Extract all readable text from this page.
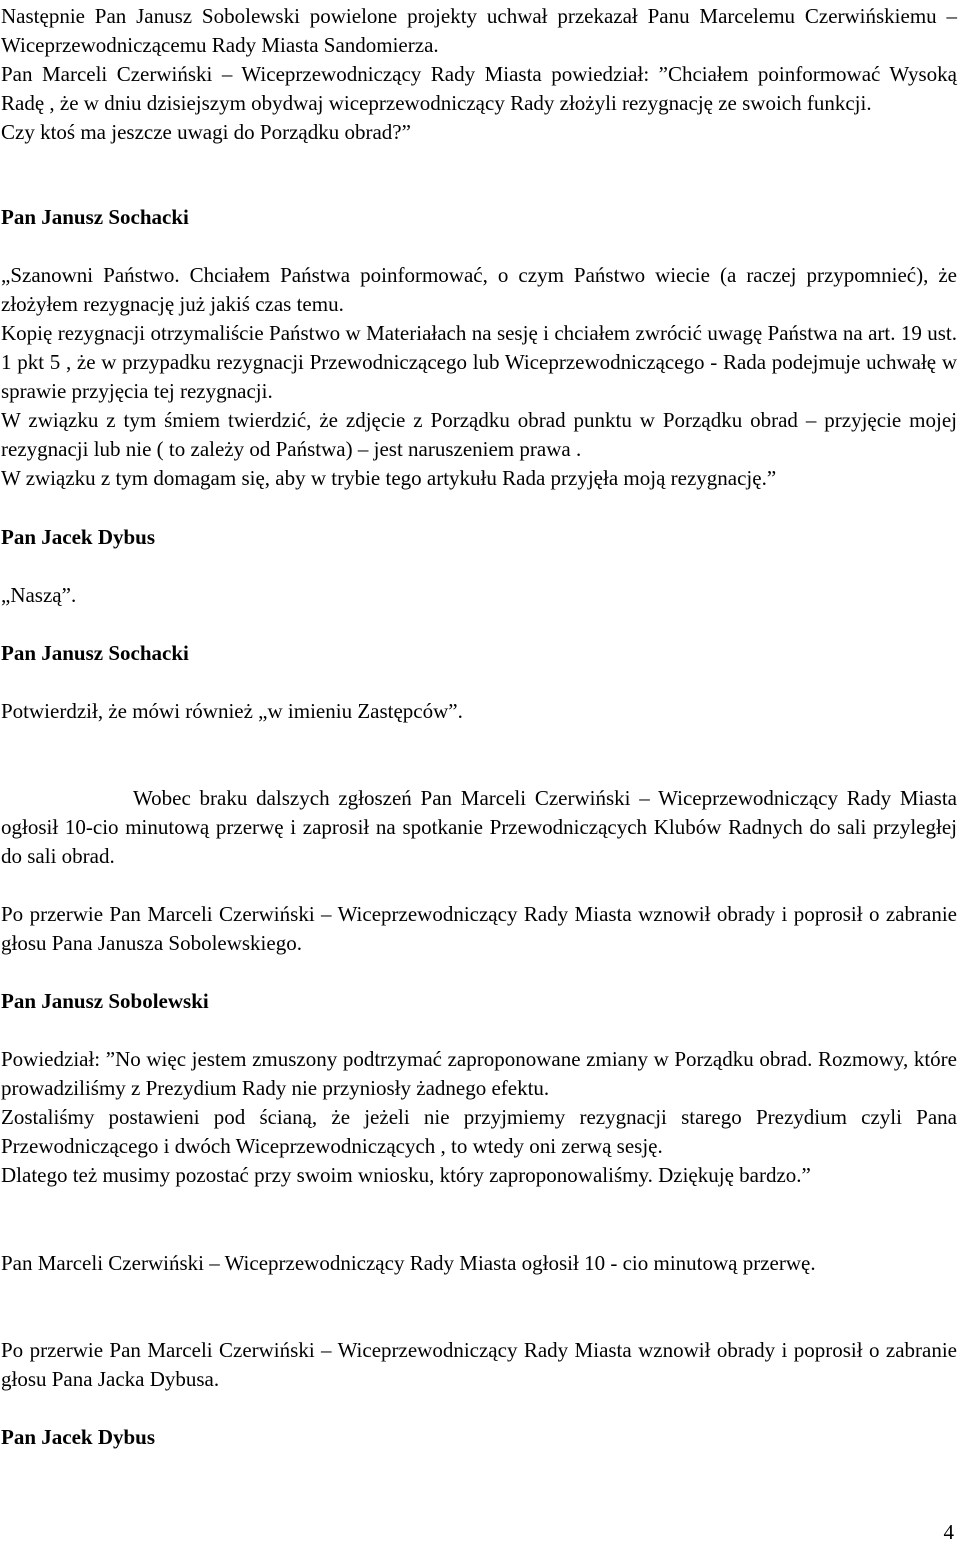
Następnie Pan Janusz Sobolewski powielone projekty uchwał przekazał Panu Marcelemu Czerwińskiemu – Wiceprzewodniczącemu Rady Miasta Sandomierza.
Pan Marceli Czerwiński – Wiceprzewodniczący Rady Miasta powiedział: ”Chciałem poinformować Wysoką Radę , że w dniu dzisiejszym obydwaj wiceprzewodniczący Rady złożyli rezygnację ze swoich funkcji.
Czy ktoś ma jeszcze uwagi do Porządku obrad?”

Pan Janusz Sochacki

„Szanowni Państwo. Chciałem Państwa poinformować, o czym Państwo wiecie (a raczej przypomnieć), że złożyłem rezygnację już jakiś czas temu.
Kopię rezygnacji otrzymaliście Państwo w Materiałach na sesję i chciałem zwrócić uwagę Państwa na art. 19 ust. 1 pkt 5 , że w przypadku rezygnacji Przewodniczącego lub Wiceprzewodniczącego - Rada podejmuje uchwałę w sprawie przyjęcia tej rezygnacji.
W związku z tym śmiem twierdzić, że zdjęcie z Porządku obrad punktu w Porządku obrad – przyjęcie mojej rezygnacji lub nie ( to zależy od Państwa) – jest naruszeniem prawa .
W związku z tym domagam się, aby w trybie tego artykułu Rada przyjęła moją rezygnację.”

Pan Jacek Dybus

„Naszą”.

Pan Janusz Sochacki

Potwierdził, że mówi również „w imieniu Zastępców”.

Wobec braku dalszych zgłoszeń Pan Marceli Czerwiński – Wiceprzewodniczący Rady Miasta ogłosił 10-cio minutową przerwę i zaprosił na spotkanie Przewodniczących Klubów Radnych do sali przyległej do sali obrad.

Po przerwie Pan Marceli Czerwiński – Wiceprzewodniczący Rady Miasta wznowił obrady i poprosił o zabranie głosu Pana Janusza Sobolewskiego.

Pan Janusz Sobolewski

Powiedział: ”No więc jestem zmuszony podtrzymać zaproponowane zmiany w Porządku obrad. Rozmowy, które prowadziliśmy z Prezydium Rady nie przyniosły żadnego efektu.
Zostaliśmy postawieni pod ścianą, że jeżeli nie przyjmiemy rezygnacji starego Prezydium czyli Pana Przewodniczącego i dwóch Wiceprzewodniczących , to wtedy oni zerwą sesję.
Dlatego też musimy pozostać przy swoim wniosku, który zaproponowaliśmy. Dziękuję bardzo.”

Pan Marceli Czerwiński – Wiceprzewodniczący Rady Miasta ogłosił 10 - cio minutową przerwę.

Po przerwie Pan Marceli Czerwiński – Wiceprzewodniczący Rady Miasta wznowił obrady i poprosił o zabranie głosu Pana Jacka Dybusa.

Pan Jacek Dybus

4
